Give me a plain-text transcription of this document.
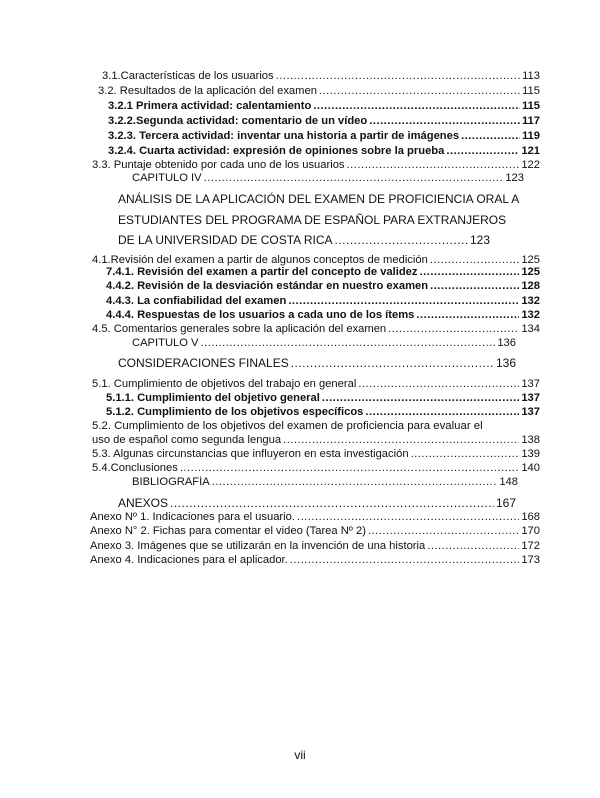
3.1.Características de los usuarios .....	113
3.2. Resultados de la aplicación del examen .....	115
3.2.1 Primera actividad: calentamiento .....	115
3.2.2.Segunda actividad: comentario de un vídeo .....	117
3.2.3. Tercera actividad: inventar una historia a partir de imágenes .....	119
3.2.4. Cuarta actividad: expresión de opiniones sobre la prueba .....	121
3.3. Puntaje obtenido por cada uno de los usuarios .....	122
CAPITULO IV .....	123
ANÁLISIS DE LA APLICACIÓN DEL EXAMEN DE PROFICIENCIA ORAL A
ESTUDIANTES DEL PROGRAMA DE ESPAÑOL PARA EXTRANJEROS
DE LA UNIVERSIDAD DE COSTA RICA .....	123
4.1.Revisión del examen a partir de algunos conceptos de medición .....	125
7.4.1. Revisión del examen a partir del concepto de validez .....	125
4.4.2. Revisión de la desviación estándar en nuestro examen .....	128
4.4.3. La confiabilidad del examen .....	132
4.4.4. Respuestas de los usuarios a cada uno de los ítems .....	132
4.5. Comentarios generales sobre la aplicación del examen .....	134
CAPITULO V .....	136
CONSIDERACIONES FINALES .....	136
5.1. Cumplimiento de objetivos del trabajo en general .....	137
5.1.1. Cumplimiento del objetivo general .....	137
5.1.2. Cumplimiento de los objetivos específicos .....	137
5.2. Cumplimiento de los objetivos del examen de proficiencia para evaluar el
uso de español como segunda lengua .....	138
5.3. Algunas circunstancias que influyeron en esta investigación .....	139
5.4.Conclusiones .....	140
BIBLIOGRAFÍA .....	148
ANEXOS .....	167
Anexo Nº 1. Indicaciones para el usuario. .....	168
Anexo N° 2. Fichas para comentar el video (Tarea Nº 2) .....	170
Anexo 3. Imágenes que se utilizarán en la invención de una historia .....	172
Anexo 4. Indicaciones para el aplicador. .....	173
vii
